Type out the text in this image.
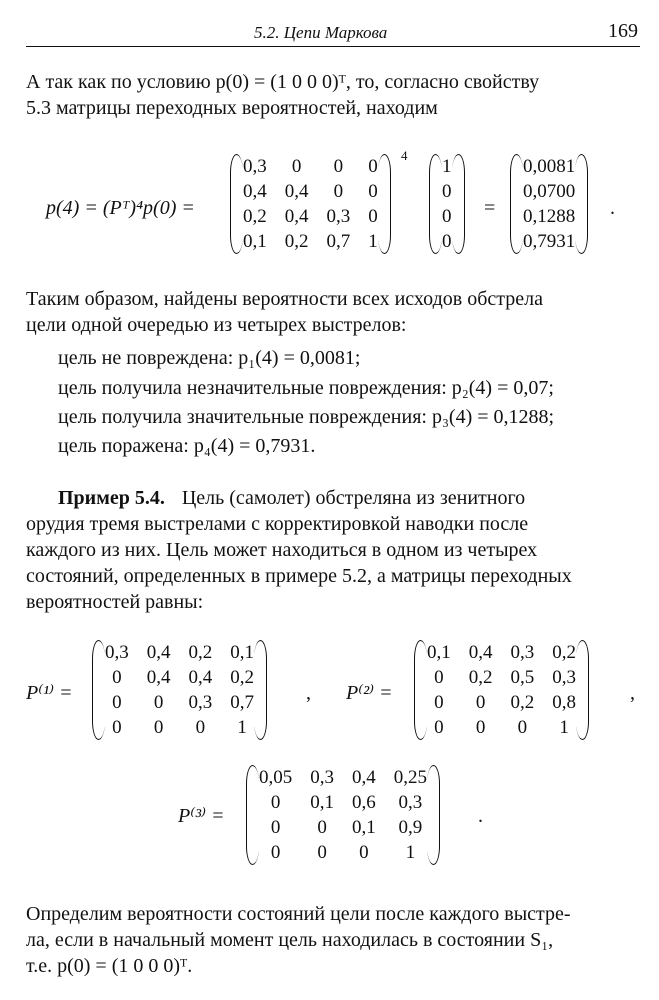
5.2. Цепи Маркова	169
А так как по условию p(0) = (1 0 0 0)ᵀ, то, согласно свойству
5.3 матрицы переходных вероятностей, находим
p(4) = (Pᵀ)⁴p(0) =
0,3	0	0	0
0,4	0,4	0	0
0,2	0,4	0,3	0
0,1	0,2	0,7	1
4
1
0
0
0
=
0,0081
0,0700
0,1288
0,7931
.
Таким образом, найдены вероятности всех исходов обстрела
цели одной очередью из четырех выстрелов:
цель не повреждена: p₁(4) = 0,0081;
цель получила незначительные повреждения: p₂(4) = 0,07;
цель получила значительные повреждения: p₃(4) = 0,1288;
цель поражена: p₄(4) = 0,7931.
Пример 5.4. Цель (самолет) обстреляна из зенитного
орудия тремя выстрелами с корректировкой наводки после
каждого из них. Цель может находиться в одном из четырех
состояний, определенных в примере 5.2, а матрицы переходных
вероятностей равны:
P⁽¹⁾ =
0,3	0,4	0,2	0,1
0	0,4	0,4	0,2
0	0	0,3	0,7
0	0	0	1
, P⁽²⁾ =
0,1	0,4	0,3	0,2
0	0,2	0,5	0,3
0	0	0,2	0,8
0	0	0	1
,
P⁽³⁾ =
0,05	0,3	0,4	0,25
0	0,1	0,6	0,3
0	0	0,1	0,9
0	0	0	1
.
Определим вероятности состояний цели после каждого выстре-
ла, если в начальный момент цель находилась в состоянии S₁,
т.е. p(0) = (1 0 0 0)ᵀ.
